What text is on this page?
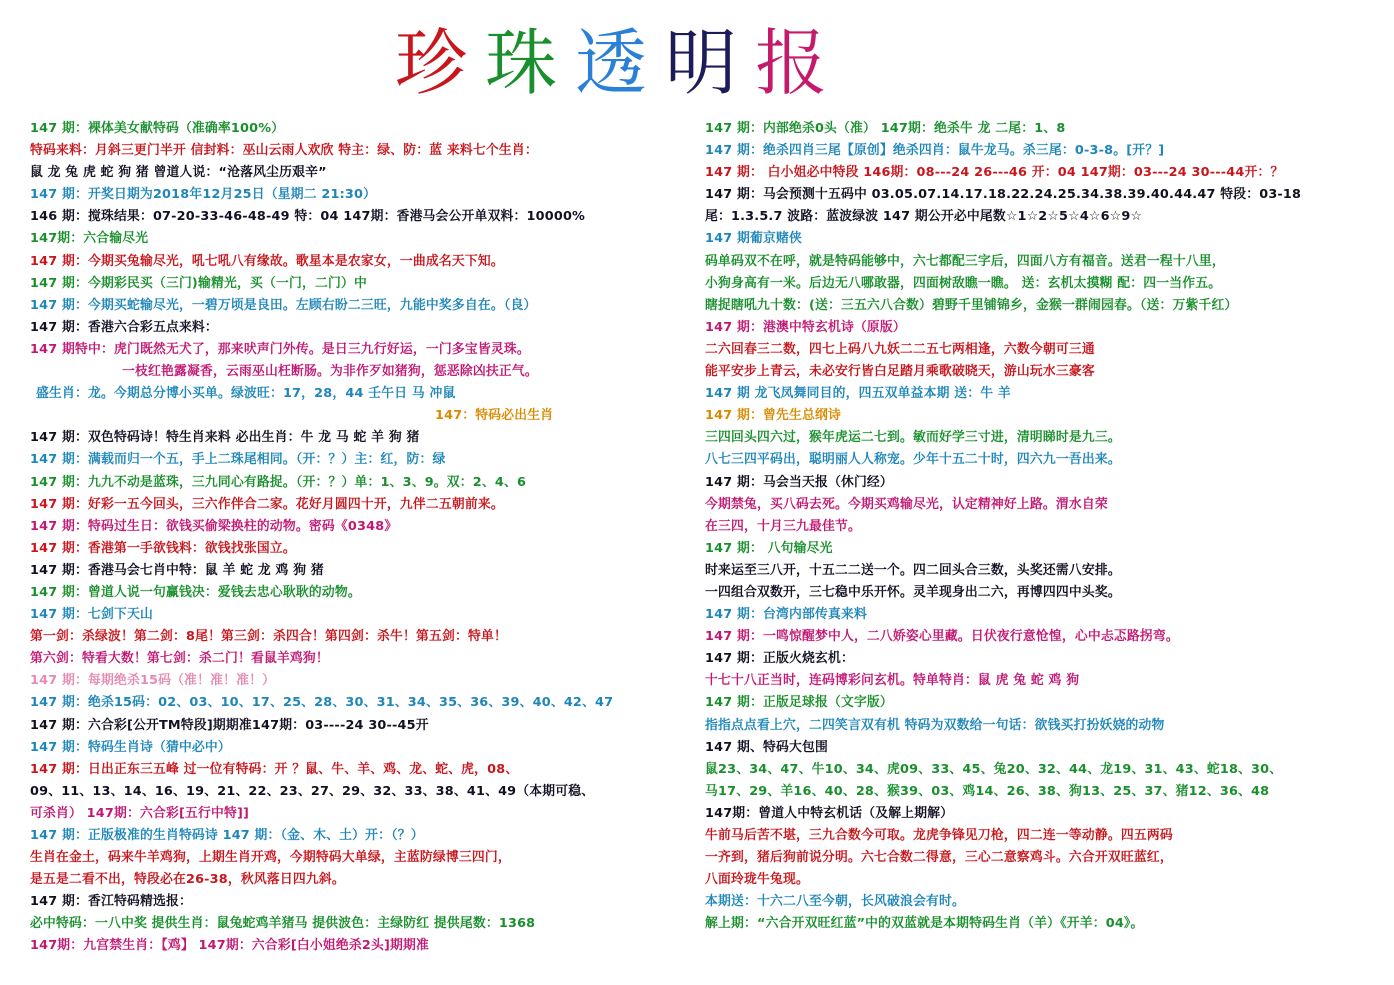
珍 珠 透 明 报
147 期：裸体美女献特码（准确率100%）
特码来料：月斜三更门半开 信封料：巫山云雨人欢欣 特主：绿、防：蓝 来料七个生肖：
鼠 龙 兔 虎 蛇 狗 猪 曾道人说：“沧落风尘历艰辛”
147 期：开奖日期为2018年12月25日（星期二 21:30）
146 期：搅珠结果：07-20-33-46-48-49 特：04 147期：香港马会公开单双料：10000%
147期：六合输尽光
147 期：今期买兔输尽光，吼七吼八有缘故。歌星本是农家女，一曲成名天下知。
147 期：今期彩民买（三门)输精光，买（一门，二门）中
147 期：今期买蛇输尽光，一碧万顷是良田。左顾右盼二三旺，九能中奖多自在。（良）
147 期：香港六合彩五点来料：
147 期特中：虎门既然无犬了，那来吠声门外传。是日三九行好运，一门多宝皆灵珠。
一枝红艳露凝香，云雨巫山枉断肠。为非作歹如猪狗，惩恶除凶扶正气。
盛生肖：龙。今期总分博小买单。绿波旺：17，28，44 壬午日 马 冲鼠
147：特码必出生肖
147 期：双色特码诗！特生肖来料 必出生肖：牛 龙 马 蛇 羊 狗 猪
147 期：满载而归一个五，手上二珠尾相同。（开：？）主：红，防：绿
147 期：九九不动是蓝珠，三九同心有路捉。（开：？）单：1、3、9。双：2、4、6
147 期：好彩一五今回头，三六作伴合二家。花好月圆四十开，九伴二五朝前来。
147 期：特码过生日：欲钱买偷梁换柱的动物。密码《0348》
147 期：香港第一手欲钱料：欲钱找张国立。
147 期：香港马会七肖中特：鼠 羊 蛇 龙 鸡 狗 猪
147 期：曾道人说一句赢钱决：爱钱去忠心耿耿的动物。
147 期：七剑下天山
第一剑：杀绿波！第二剑：8尾！第三剑：杀四合！第四剑：杀牛！第五剑：特单！
第六剑：特看大数！第七剑：杀二门！看鼠羊鸡狗！
147 期：每期绝杀15码（准！准！准！）
147 期：绝杀15码：02、03、10、17、25、28、30、31、34、35、36、39、40、42、47
147 期：六合彩[公开TM特段]期期准147期：03----24 30--45开
147 期：特码生肖诗（猜中必中）
147 期：日出正东三五峰 过一位有特码：开 ？鼠、牛、羊、鸡、龙、蛇、虎，08、
09、11、13、14、16、19、21、22、23、27、29、32、33、38、41、49（本期可稳、
可杀肖） 147期：六合彩[五行中特]]
147 期：正版极准的生肖特码诗 147 期：（金、木、土）开：（？）
生肖在金土，码来牛羊鸡狗，上期生肖开鸡，今期特码大单绿，主蓝防绿博三四门，
是五是二看不出，特段必在26-38，秋风落日四九斜。
147 期：香江特码精选报：
必中特码：一八中奖 提供生肖：鼠兔蛇鸡羊猪马 提供波色：主绿防红 提供尾数：1368
147期：九宫禁生肖：【鸡】 147期：六合彩[白小姐绝杀2头]期期准
147 期：内部绝杀0头（准） 147期：绝杀牛 龙 二尾：1、8
147 期：绝杀四肖三尾【原创】绝杀四肖：鼠牛龙马。杀三尾：0-3-8。[开？]
147 期： 白小姐必中特段 146期：08---24 26---46 开：04 147期：03---24 30---44开：？
147 期：马会预测十五码中 03.05.07.14.17.18.22.24.25.34.38.39.40.44.47 特段：03-18
尾：1.3.5.7 波路：蓝波绿波 147 期公开必中尾数☆1☆2☆5☆4☆6☆9☆
147 期葡京赌侠
码单码双不在呼，就是特码能够中，六七都配三字后，四面八方有福音。送君一程十八里，
小狗身高有一米。后边无八哪敢器，四面树敌瞧一瞧。 送：玄机太摸糊 配：四一当作五。
瞎捉瞎吼九十数：(送：三五六八合数）碧野千里铺锦乡，金猴一群闹园春。（送：万紫千红）
147 期：港澳中特玄机诗（原版）
二六回春三二数，四七上码八九妖二二五七两相逢，六数今朝可三通
能平安步上青云，未必安行皆白足踏月乘歌破晓天，游山玩水三豪客
147 期 龙飞凤舞同目的，四五双单益本期 送：牛 羊
147 期：曾先生总纲诗
三四回头四六过，猴年虎运二七到。敏而好学三寸进，清明睇时是九三。
八七三四平码出，聪明丽人人称宠。少年十五二十时，四六九一吾出来。
147 期：马会当天报（休门经）
今期禁兔，买八码去死。今期买鸡输尽光，认定精神好上路。渭水自荣
在三四，十月三九最佳节。
147 期： 八句输尽光
时来运至三八开，十五二二送一个。四二回头合三数，头奖还需八安排。
一四组合双数开，三七稳中乐开怀。灵羊现身出二六，再博四四中头奖。
147 期：台湾内部传真来料
147 期：一鸣惊醒梦中人，二八娇姿心里藏。日伏夜行意怆惶，心中忐忑路拐弯。
147 期：正版火烧玄机：
十七十八正当时，连码博彩问玄机。特单特肖：鼠 虎 兔 蛇 鸡 狗
147 期：正版足球报（文字版）
指指点点看上穴，二四笑言双有机 特码为双数给一句话：欲钱买打扮妖娆的动物
147 期、特码大包围
鼠23、34、47、牛10、34、虎09、33、45、兔20、32、44、龙19、31、43、蛇18、30、
马17、29、羊16、40、28、猴39、03、鸡14、26、38、狗13、25、37、猪12、36、48
147期：曾道人中特玄机话（及解上期解）
牛前马后苦不堪，三九合数今可取。龙虎争锋见刀枪，四二连一等动静。四五两码
一齐到，猪后狗前说分明。六七合数二得意，三心二意察鸡斗。六合开双旺蓝红，
八面玲珑牛兔现。
本期送：十六二八至今朝，长风破浪会有时。
解上期：“六合开双旺红蓝”中的双蓝就是本期特码生肖（羊）《开羊：04》。
